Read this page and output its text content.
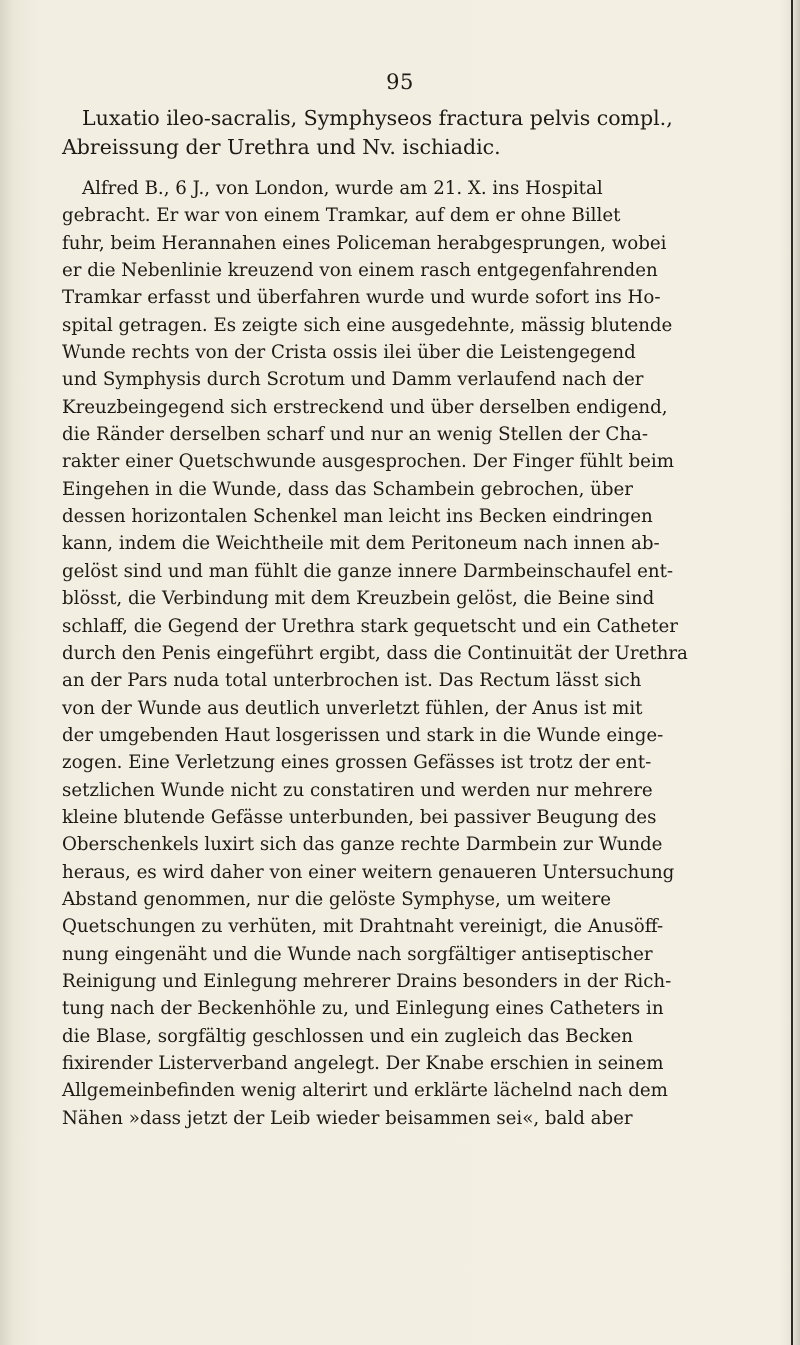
95
Luxatio ileo-sacralis, Symphyseos fractura pelvis compl.,
Abreissung der Urethra und Nv. ischiadic.
Alfred B., 6 J., von London, wurde am 21. X. ins Hospital
gebracht. Er war von einem Tramkar, auf dem er ohne Billet
fuhr, beim Herannahen eines Policeman herabgesprungen, wobei
er die Nebenlinie kreuzend von einem rasch entgegenfahrenden
Tramkar erfasst und überfahren wurde und wurde sofort ins Ho-
spital getragen. Es zeigte sich eine ausgedehnte, mässig blutende
Wunde rechts von der Crista ossis ilei über die Leistengegend
und Symphysis durch Scrotum und Damm verlaufend nach der
Kreuzbeingegend sich erstreckend und über derselben endigend,
die Ränder derselben scharf und nur an wenig Stellen der Cha-
rakter einer Quetschwunde ausgesprochen. Der Finger fühlt beim
Eingehen in die Wunde, dass das Schambein gebrochen, über
dessen horizontalen Schenkel man leicht ins Becken eindringen
kann, indem die Weichtheile mit dem Peritoneum nach innen ab-
gelöst sind und man fühlt die ganze innere Darmbeinschaufel ent-
blösst, die Verbindung mit dem Kreuzbein gelöst, die Beine sind
schlaff, die Gegend der Urethra stark gequetscht und ein Catheter
durch den Penis eingeführt ergibt, dass die Continuität der Urethra
an der Pars nuda total unterbrochen ist. Das Rectum lässt sich
von der Wunde aus deutlich unverletzt fühlen, der Anus ist mit
der umgebenden Haut losgerissen und stark in die Wunde einge-
zogen. Eine Verletzung eines grossen Gefässes ist trotz der ent-
setzlichen Wunde nicht zu constatiren und werden nur mehrere
kleine blutende Gefässe unterbunden, bei passiver Beugung des
Oberschenkels luxirt sich das ganze rechte Darmbein zur Wunde
heraus, es wird daher von einer weitern genaueren Untersuchung
Abstand genommen, nur die gelöste Symphyse, um weitere
Quetschungen zu verhüten, mit Drahtnaht vereinigt, die Anusöff-
nung eingenäht und die Wunde nach sorgfältiger antiseptischer
Reinigung und Einlegung mehrerer Drains besonders in der Rich-
tung nach der Beckenhöhle zu, und Einlegung eines Catheters in
die Blase, sorgfältig geschlossen und ein zugleich das Becken
fixirender Listerverband angelegt. Der Knabe erschien in seinem
Allgemeinbefinden wenig alterirt und erklärte lächelnd nach dem
Nähen »dass jetzt der Leib wieder beisammen sei«, bald aber
